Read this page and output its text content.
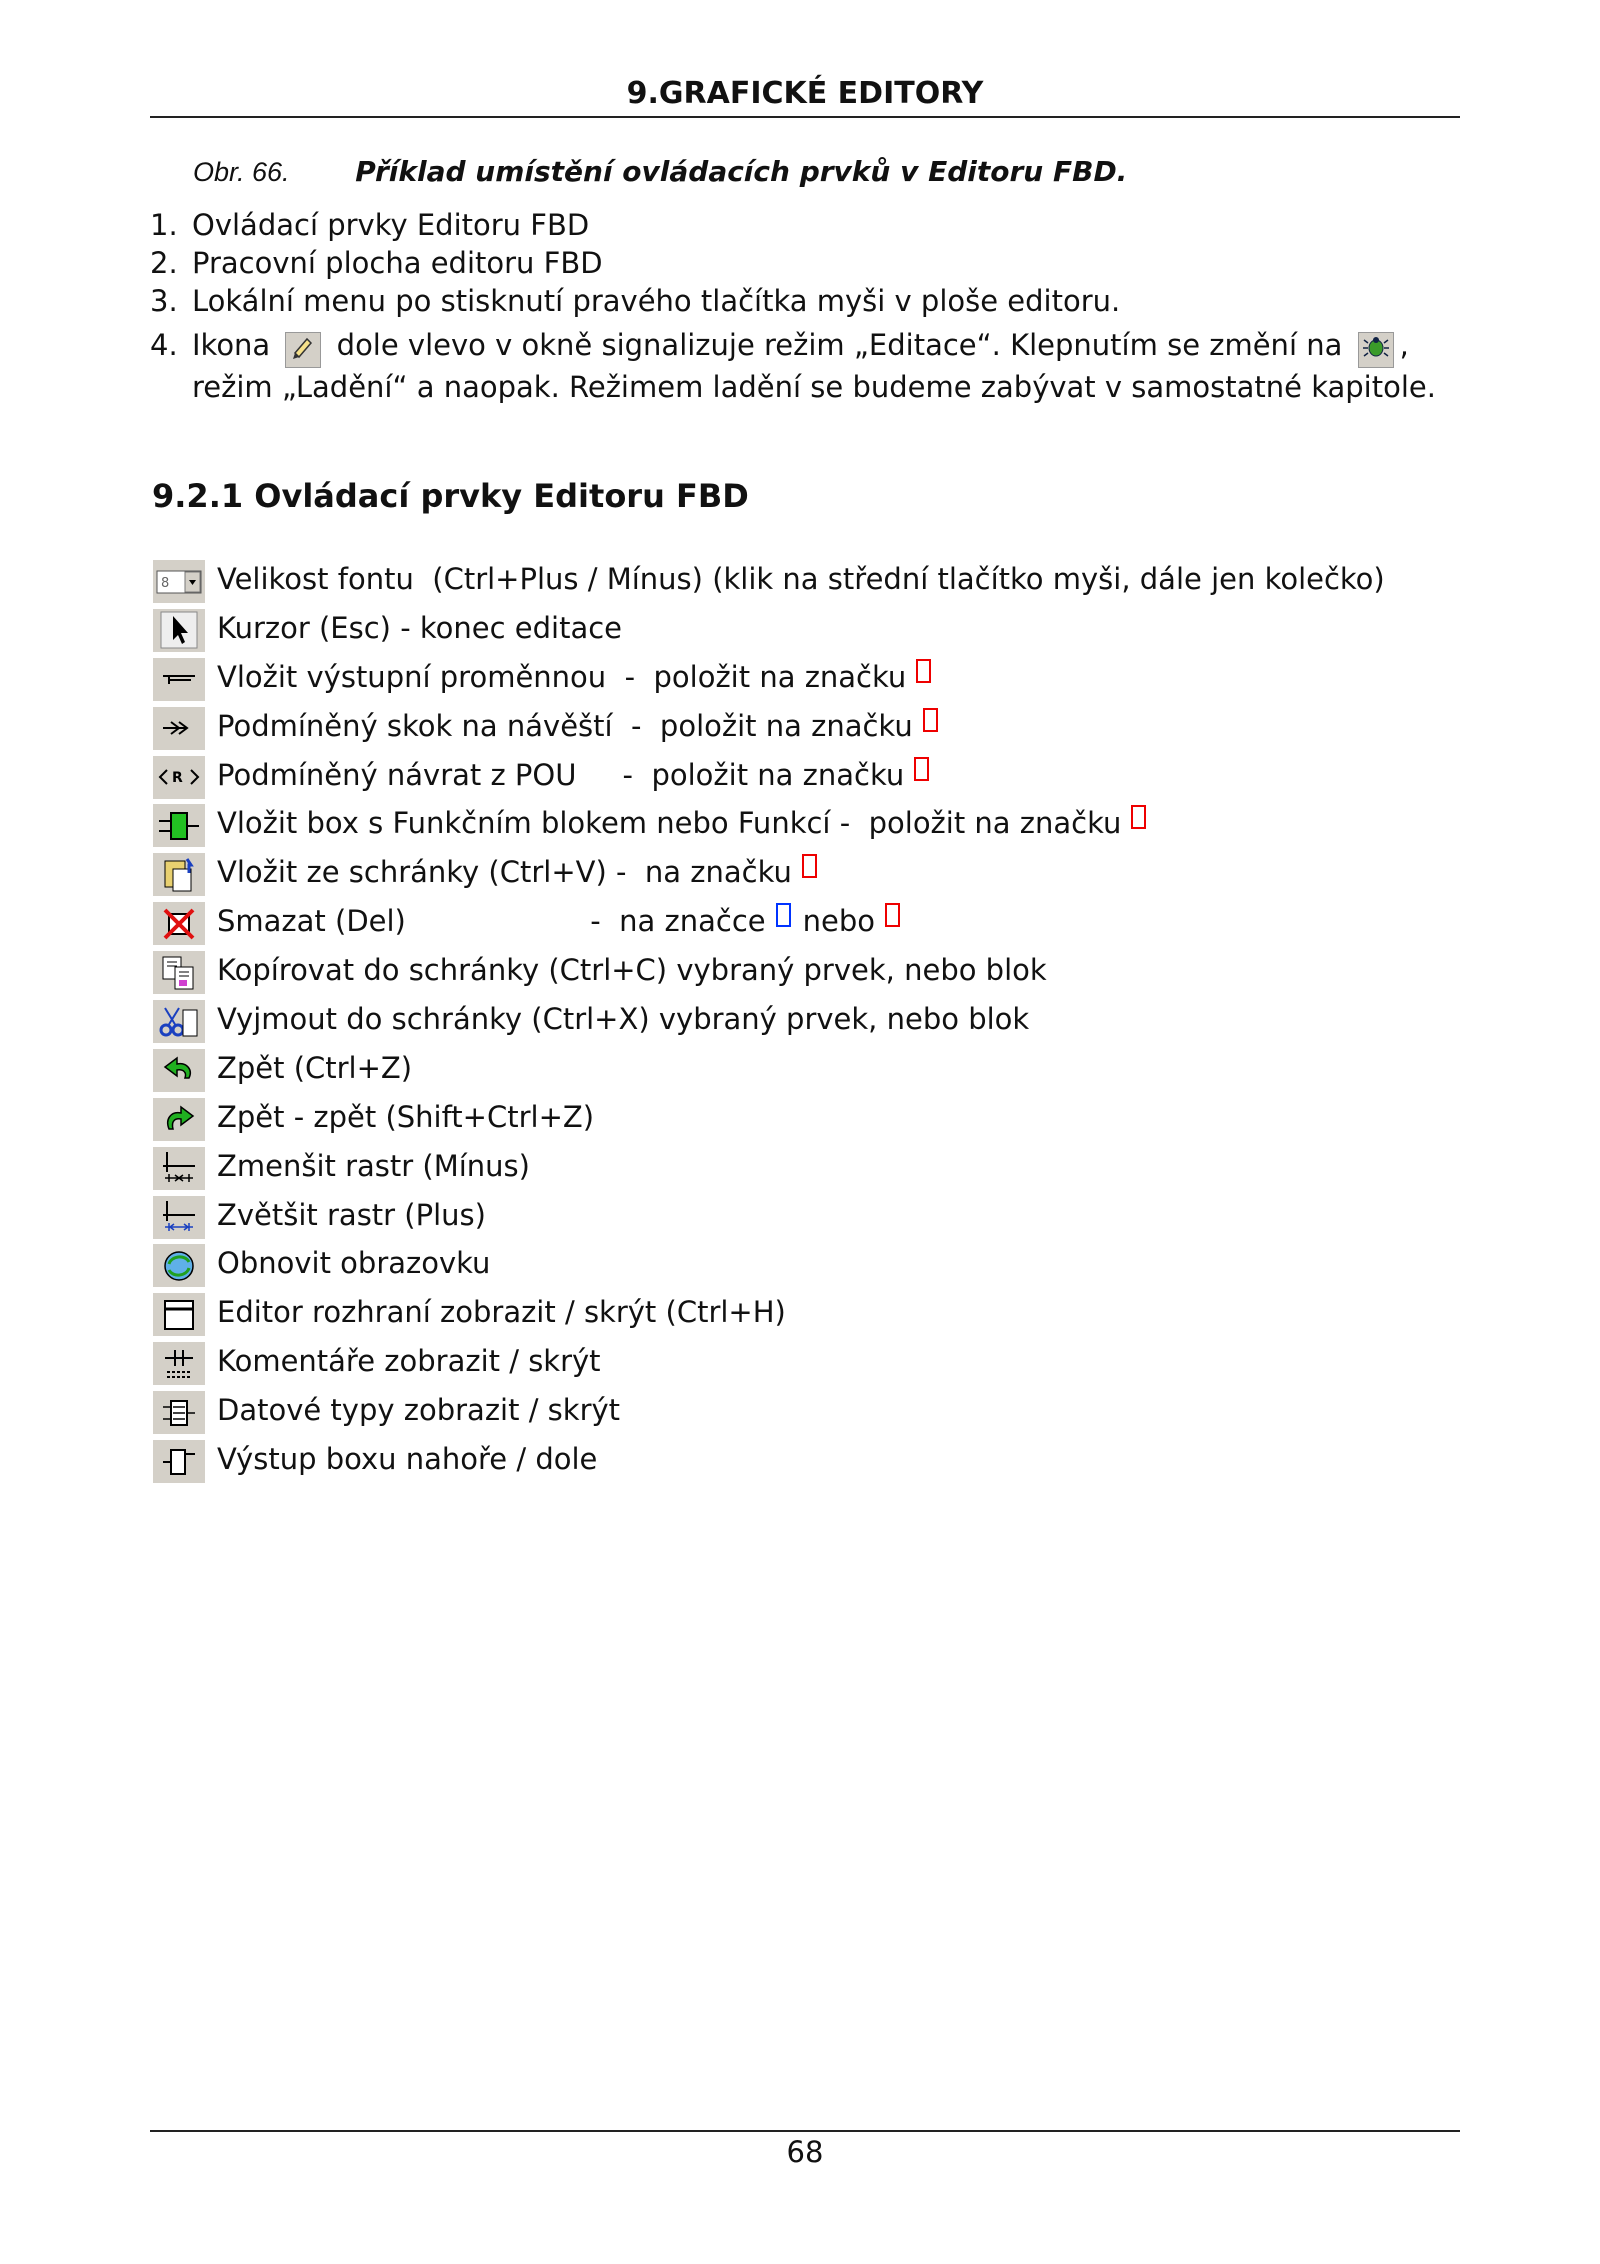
9.GRAFICKÉ EDITORY
Obr. 66. Příklad umístění ovládacích prvků v Editoru FBD.
1. Ovládací prvky Editoru FBD
2. Pracovní plocha editoru FBD
3. Lokální menu po stisknutí pravého tlačítka myši v ploše editoru.
4. Ikona dole vlevo v okně signalizuje režim „Editace“. Klepnutím se změní na ,
režim „Ladění“ a naopak. Režimem ladění se budeme zabývat v samostatné kapitole.
9.2.1 Ovládací prvky Editoru FBD
8 Velikost fontu  (Ctrl+Plus / Mínus) (klik na střední tlačítko myši, dále jen kolečko)
Kurzor (Esc) - konec editace
Vložit výstupní proměnnou  -  položit na značku
Podmíněný skok na návěští  -  položit na značku
R Podmíněný návrat z POU     -  položit na značku
Vložit box s Funkčním blokem nebo Funkcí -  položit na značku
Vložit ze schránky (Ctrl+V) -  na značku
Smazat (Del)                    -  na značce nebo
Kopírovat do schránky (Ctrl+C) vybraný prvek, nebo blok
Vyjmout do schránky (Ctrl+X) vybraný prvek, nebo blok
Zpět (Ctrl+Z)
Zpět - zpět (Shift+Ctrl+Z)
Zmenšit rastr (Mínus)
Zvětšit rastr (Plus)
Obnovit obrazovku
Editor rozhraní zobrazit / skrýt (Ctrl+H)
Komentáře zobrazit / skrýt
Datové typy zobrazit / skrýt
Výstup boxu nahoře / dole
68
